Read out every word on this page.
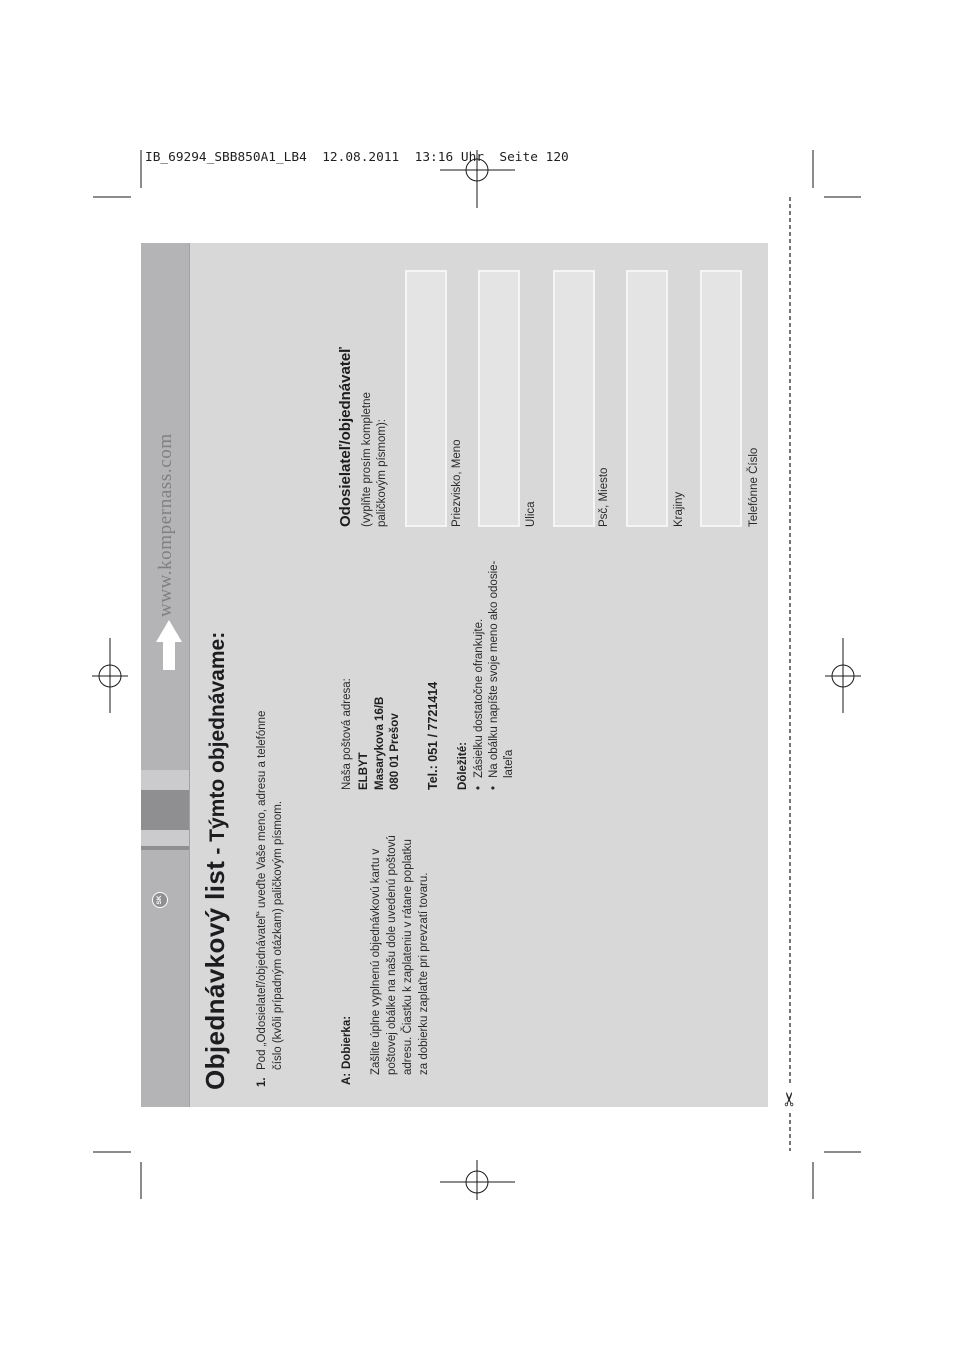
IB_69294_SBB850A1_LB4  12.08.2011  13:16 Uhr  Seite 120
SK
www.kompernass.com
Objednávkový list- Týmto objednávame:
1.
Pod „Odosielateľ/objednávateľ“ uveďte Vaše meno, adresu a telefónne číslo (kvôli prípadným otázkam) paličkovým písmom.
A:
Dobierka: Zašlite úplne vyplnenú objednávkovú kartu v poštovej obálke na našu dole uvedenú poštovú adresu. Čiastku k zaplateniu v rátane poplatku za dobierku zaplaťte pri prevzatí tovaru.
Naša poštová adresa: ELBYT Masarykova 16/B 080 01 Prešov Tel.: 051 / 7721414 Dôležité: •
Zásielku dostatočne ofrankujte.
•
Na obálku napíšte svoje meno ako odosie- lateľa
Odosielateľ/objednávateľ (vyplňte prosím kompletne paličkovým písmom):	Priezvisko, Meno	Ulica	Psč, Miesto	Krajiny	Telefónne Číslo
✂
